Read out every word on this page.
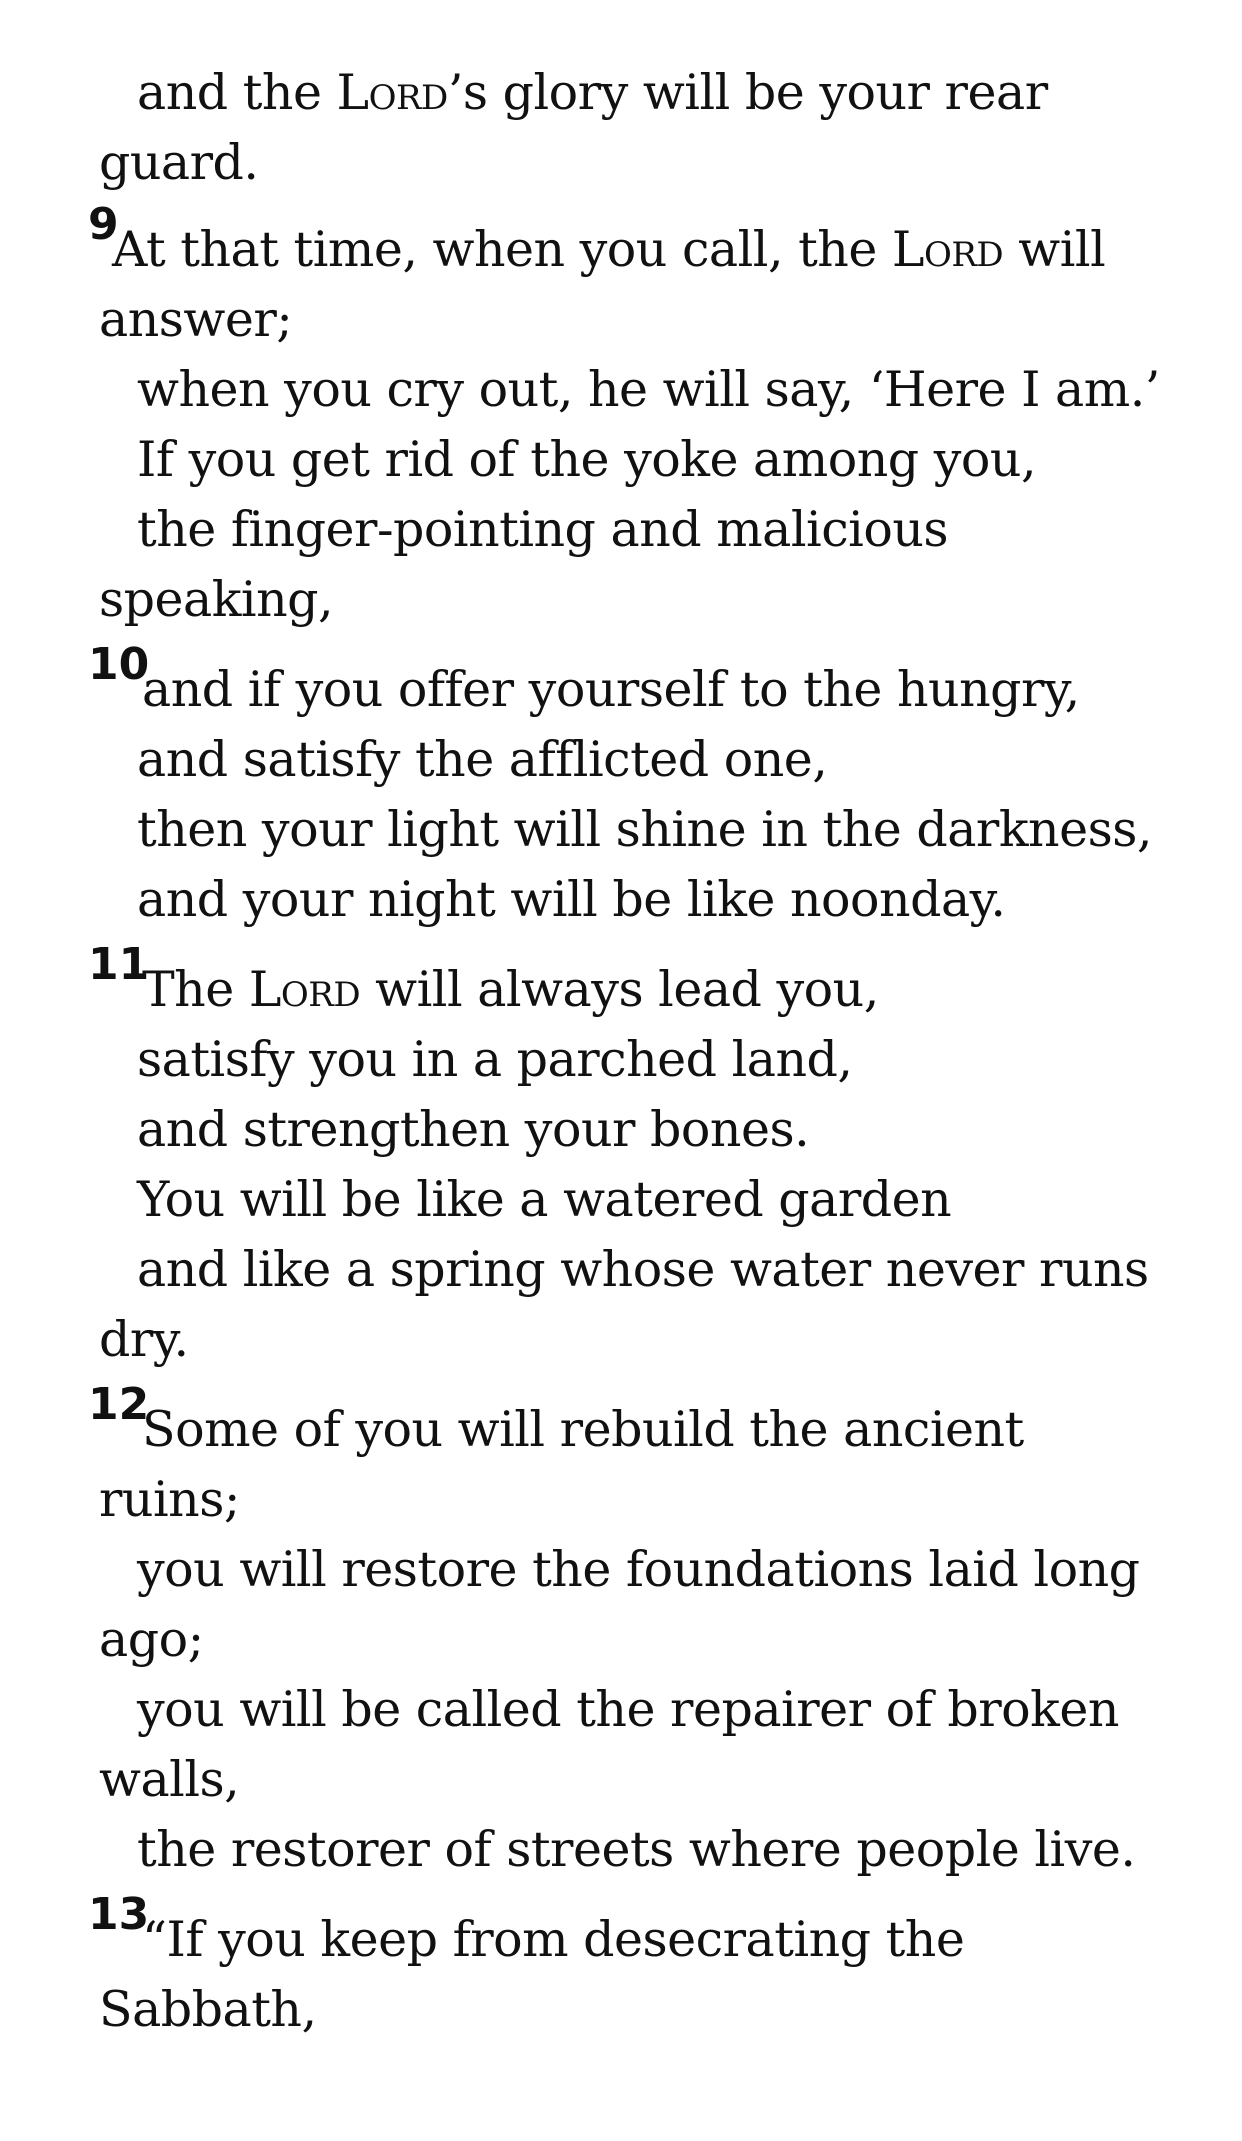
and the Lord’s glory will be your rear
guard.
9
At that time, when you call, the Lord will
answer;
when you cry out, he will say, ‘Here I am.’
If you get rid of the yoke among you,
the finger-pointing and malicious
speaking,
10
and if you offer yourself to the hungry,
and satisfy the afflicted one,
then your light will shine in the darkness,
and your night will be like noonday.
11
The Lord will always lead you,
satisfy you in a parched land,
and strengthen your bones.
You will be like a watered garden
and like a spring whose water never runs
dry.
12
Some of you will rebuild the ancient
ruins;
you will restore the foundations laid long
ago;
you will be called the repairer of broken
walls,
the restorer of streets where people live.
13
“If you keep from desecrating the
Sabbath,
